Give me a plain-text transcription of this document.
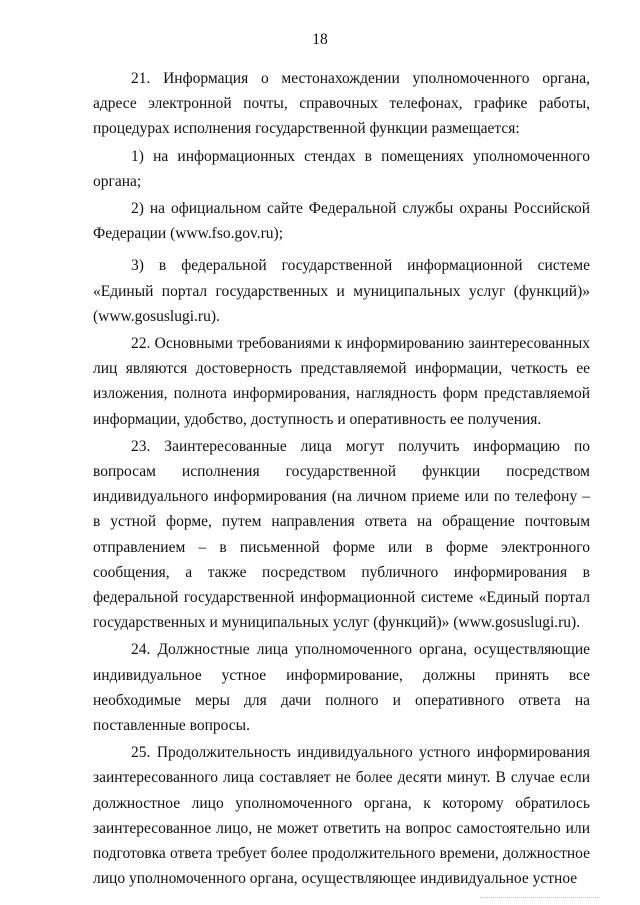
18

21. Информация о местонахождении уполномоченного органа, адресе электронной почты, справочных телефонах, графике работы, процедурах исполнения государственной функции размещается:

1) на информационных стендах в помещениях уполномоченного органа;

2) на официальном сайте Федеральной службы охраны Российской Федерации (www.fso.gov.ru);

3) в федеральной государственной информационной системе «Единый портал государственных и муниципальных услуг (функций)» (www.gosuslugi.ru).

22. Основными требованиями к информированию заинтересованных лиц являются достоверность представляемой информации, четкость ее изложения, полнота информирования, наглядность форм представляемой информации, удобство, доступность и оперативность ее получения.

23. Заинтересованные лица могут получить информацию по вопросам исполнения государственной функции посредством индивидуального информирования (на личном приеме или по телефону – в устной форме, путем направления ответа на обращение почтовым отправлением – в письменной форме или в форме электронного сообщения, а также посредством публичного информирования в федеральной государственной информационной системе «Единый портал государственных и муниципальных услуг (функций)» (www.gosuslugi.ru).

24. Должностные лица уполномоченного органа, осуществляющие индивидуальное устное информирование, должны принять все необходимые меры для дачи полного и оперативного ответа на поставленные вопросы.

25. Продолжительность индивидуального устного информирования заинтересованного лица составляет не более десяти минут. В случае если должностное лицо уполномоченного органа, к которому обратилось заинтересованное лицо, не может ответить на вопрос самостоятельно или подготовка ответа требует более продолжительного времени, должностное лицо уполномоченного органа, осуществляющее индивидуальное устное
